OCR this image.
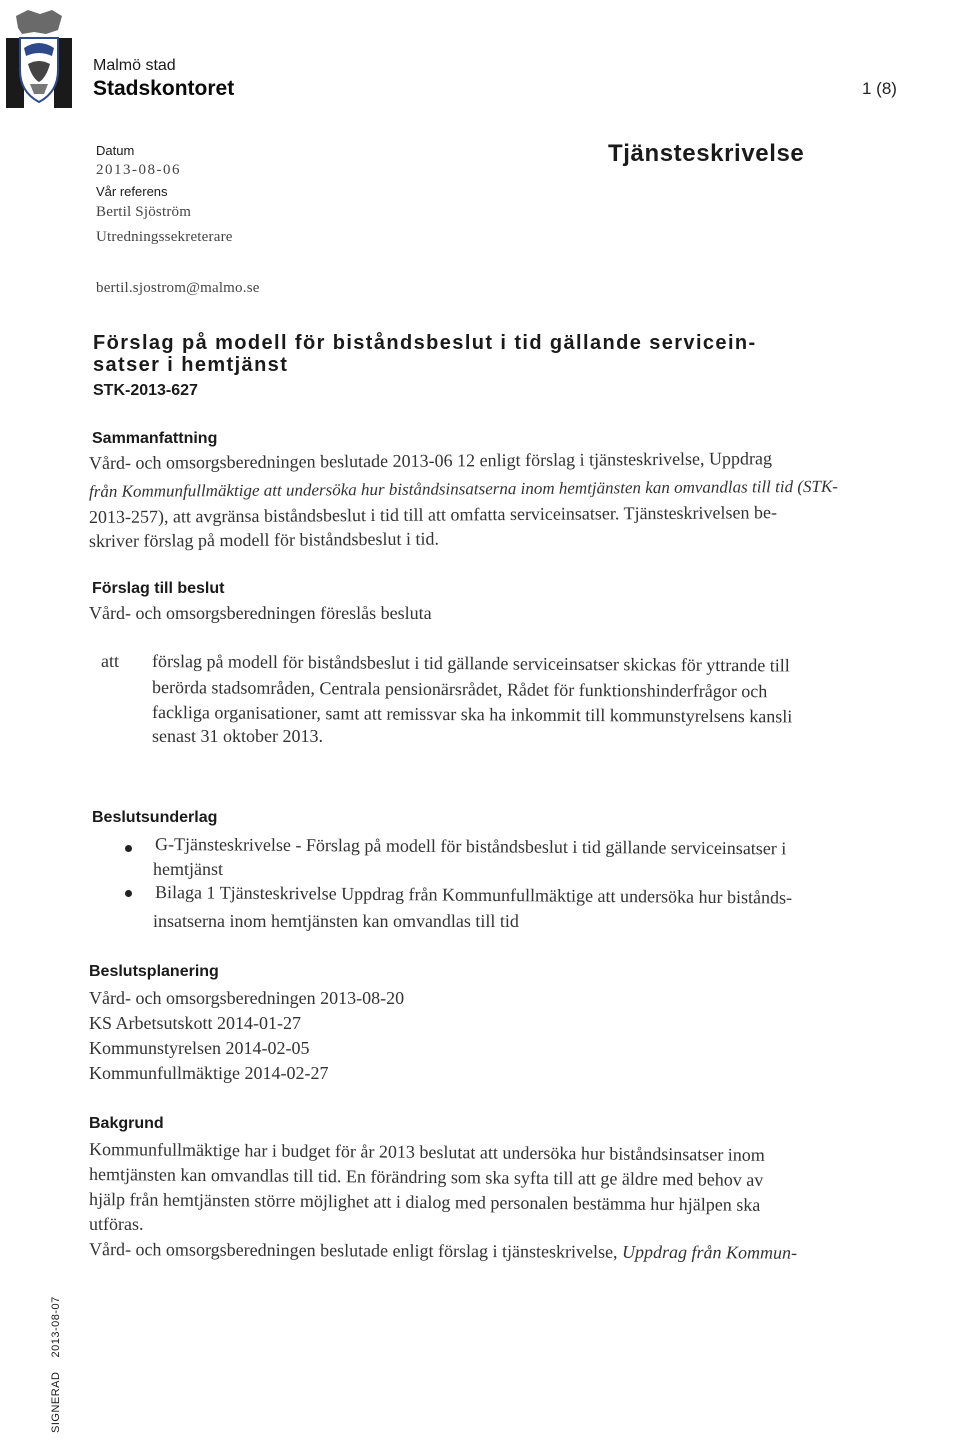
Malmö stad
Stadskontoret	1 (8)
Datum
2013-08-06
Vår referens
Bertil Sjöström
Utredningssekreterare
bertil.sjostrom@malmo.se
Tjänsteskrivelse
Förslag på modell för biståndsbeslut i tid gällande servicein-
satser i hemtjänst
STK-2013-627
Sammanfattning
Vård- och omsorgsberedningen beslutade 2013-06 12 enligt förslag i tjänsteskrivelse, Uppdrag
från Kommunfullmäktige att undersöka hur biståndsinsatserna inom hemtjänsten kan omvandlas till tid (STK-
2013-257), att avgränsa biståndsbeslut i tid till att omfatta serviceinsatser. Tjänsteskrivelsen be-
skriver förslag på modell för biståndsbeslut i tid.
Förslag till beslut
Vård- och omsorgsberedningen föreslås besluta
att förslag på modell för biståndsbeslut i tid gällande serviceinsatser skickas för yttrande till
berörda stadsområden, Centrala pensionärsrådet, Rådet för funktionshinderfrågor och
fackliga organisationer, samt att remissvar ska ha inkommit till kommunstyrelsens kansli
senast 31 oktober 2013.
Beslutsunderlag
G-Tjänsteskrivelse - Förslag på modell för biståndsbeslut i tid gällande serviceinsatser i
hemtjänst
Bilaga 1 Tjänsteskrivelse Uppdrag från Kommunfullmäktige att undersöka hur bistånds-
insatserna inom hemtjänsten kan omvandlas till tid
Beslutsplanering
Vård- och omsorgsberedningen 2013-08-20
KS Arbetsutskott 2014-01-27
Kommunstyrelsen 2014-02-05
Kommunfullmäktige 2014-02-27
Bakgrund
Kommunfullmäktige har i budget för år 2013 beslutat att undersöka hur biståndsinsatser inom
hemtjänsten kan omvandlas till tid. En förändring som ska syfta till att ge äldre med behov av
hjälp från hemtjänsten större möjlighet att i dialog med personalen bestämma hur hjälpen ska
utföras.
Vård- och omsorgsberedningen beslutade enligt förslag i tjänsteskrivelse, Uppdrag från Kommun-
SIGNERAD2013-08-07
